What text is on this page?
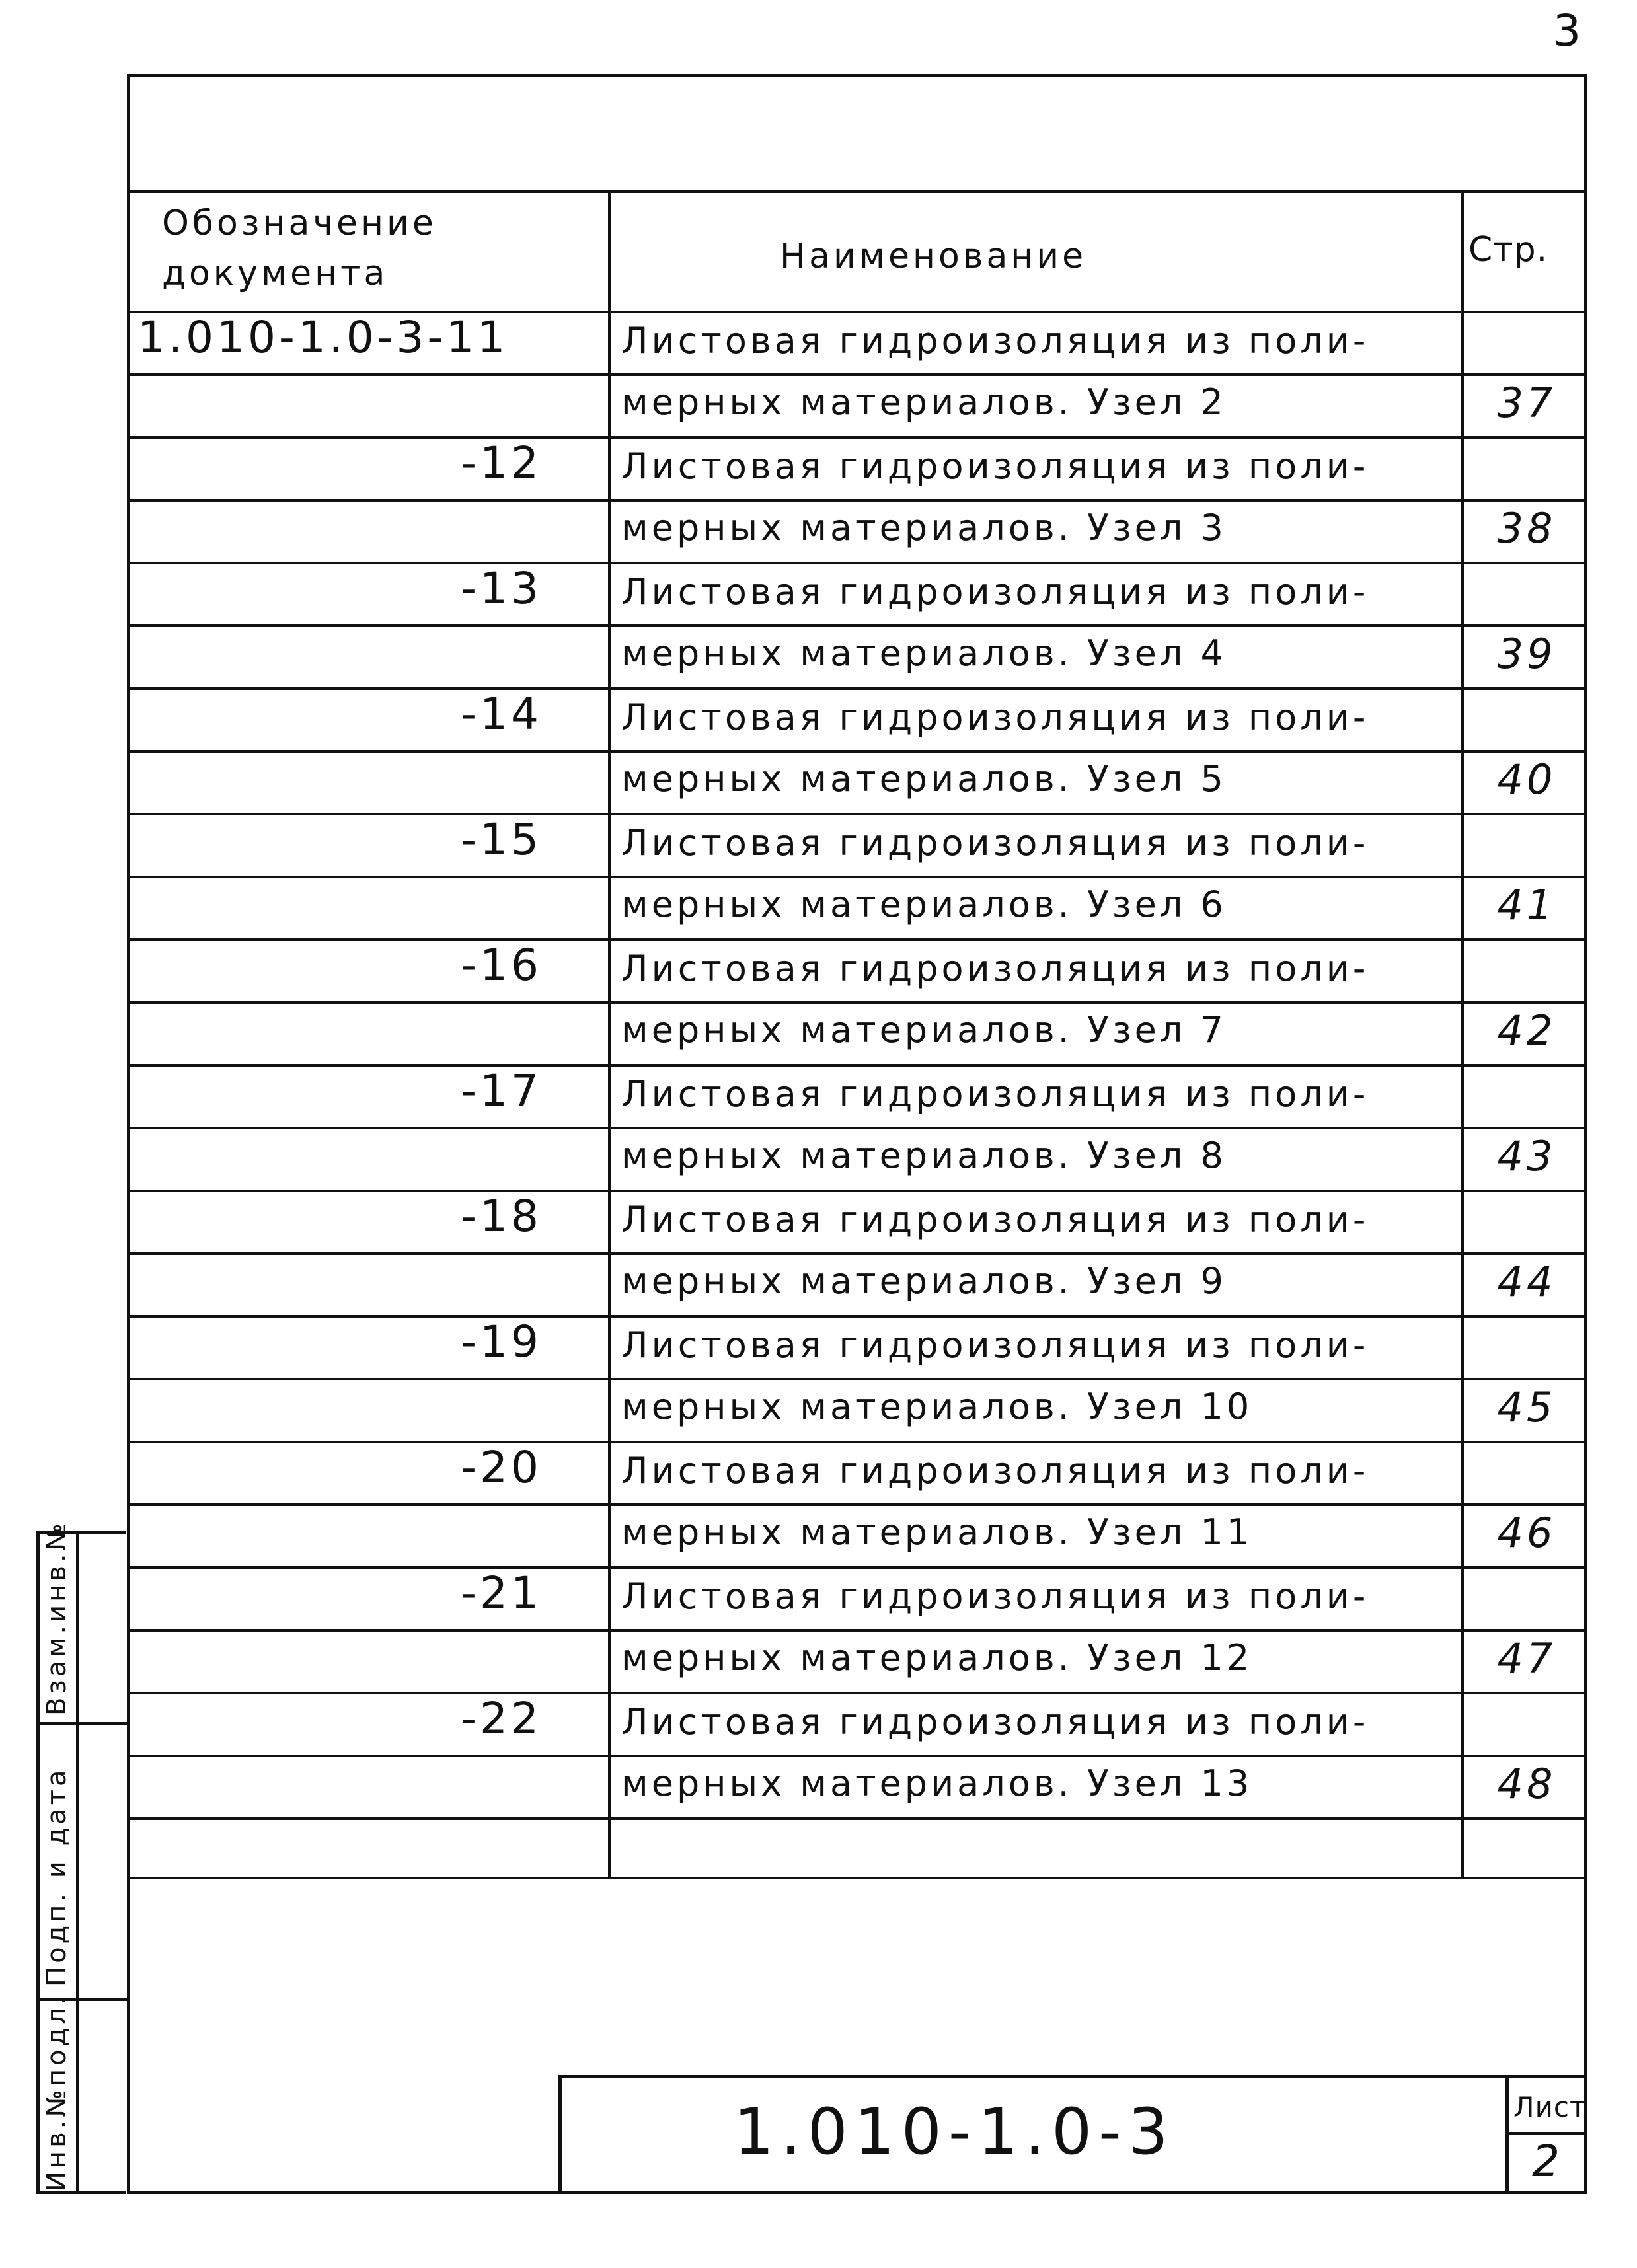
3
Обозначение
документа	Наименование	Стр.
1.010-1.0-3-11	Листовая гидроизоляция из поли-
мерных материалов. Узел 2	37
-12 Листовая гидроизоляция из поли-
мерных материалов. Узел 3	38
-13 Листовая гидроизоляция из поли-
мерных материалов. Узел 4	39
-14 Листовая гидроизоляция из поли-
мерных материалов. Узел 5	40
-15 Листовая гидроизоляция из поли-
мерных материалов. Узел 6	41
-16 Листовая гидроизоляция из поли-
мерных материалов. Узел 7	42
-17 Листовая гидроизоляция из поли-
мерных материалов. Узел 8	43
-18 Листовая гидроизоляция из поли-
мерных материалов. Узел 9	44
-19 Листовая гидроизоляция из поли-
мерных материалов. Узел 10	45
-20 Листовая гидроизоляция из поли-
мерных материалов. Узел 11	46
-21 Листовая гидроизоляция из поли-
мерных материалов. Узел 12	47
-22 Листовая гидроизоляция из поли-
мерных материалов. Узел 13	48
Взам.инв.№
Подп. и дата
Инв.№подл.	1.010-1.0-3	Лист
2
